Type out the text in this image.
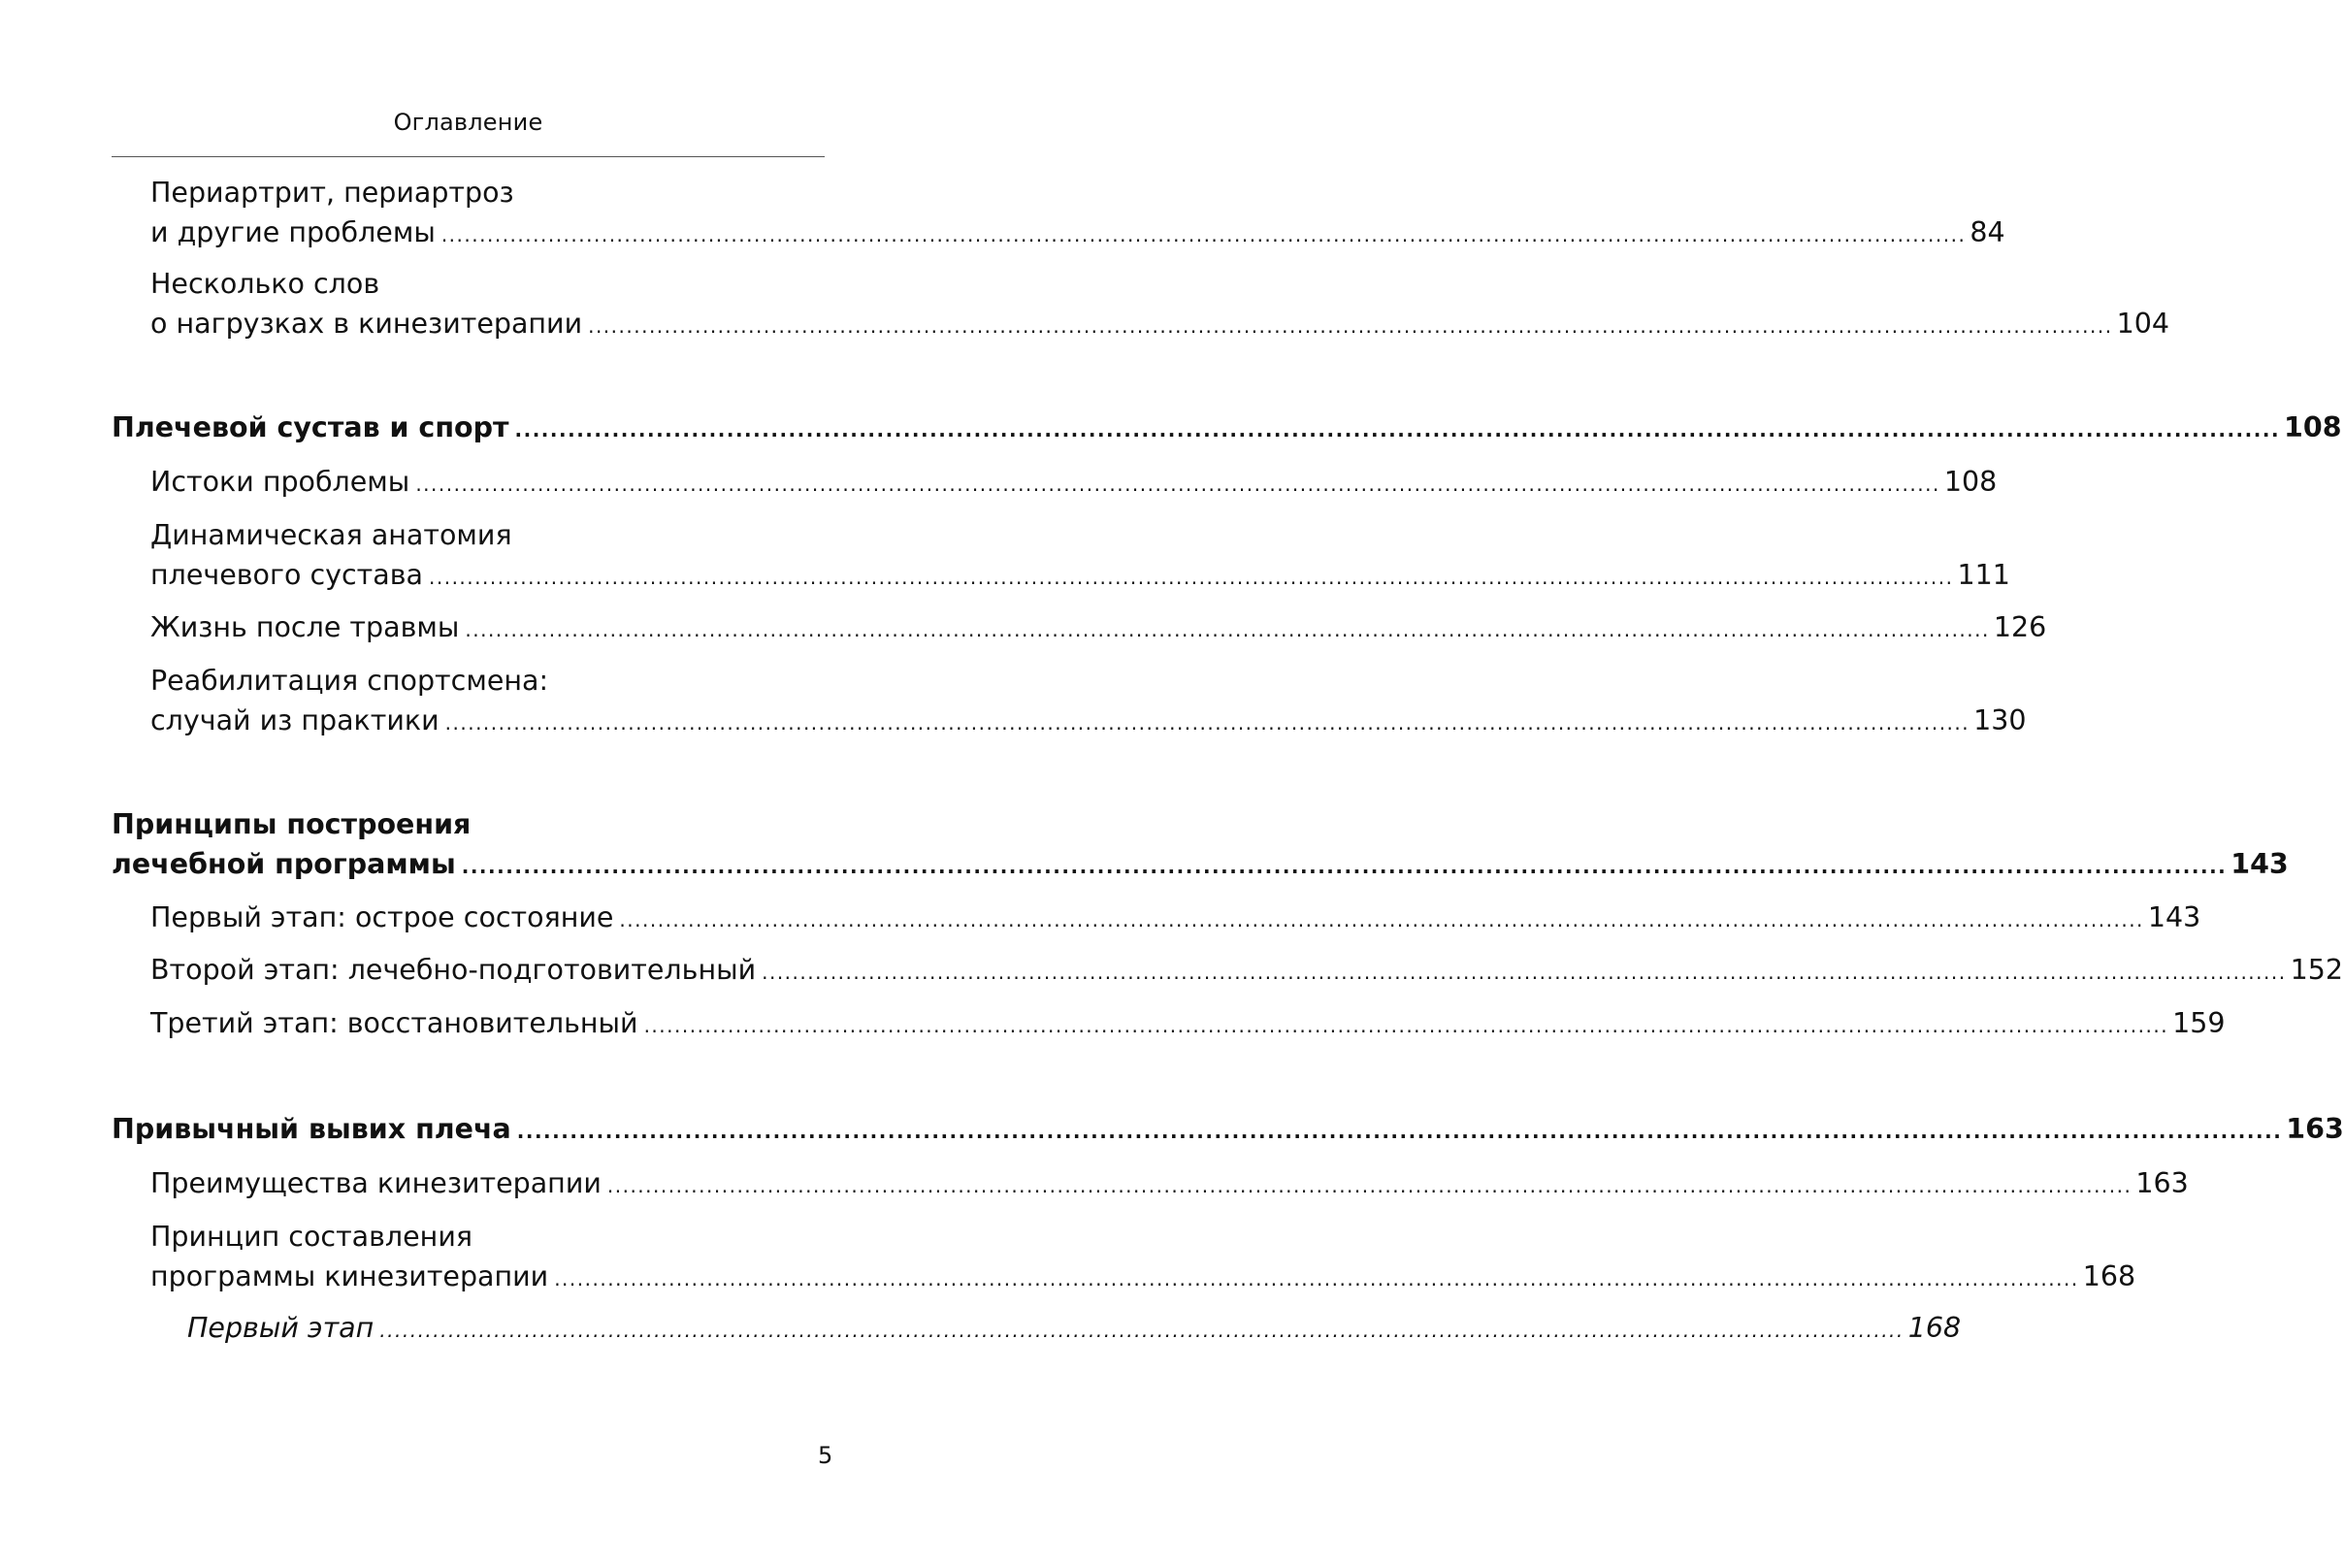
Оглавление
Периартрит, периартроз
и другие проблемы ........................................................................................................................................................................................................ 84
Несколько слов
о нагрузках в кинезитерапии ........................................................................................................................................................................................................ 104
Плечевой сустав и спорт ........................................................................................................................................................................................................ 108
Истоки проблемы ........................................................................................................................................................................................................ 108
Динамическая анатомия
плечевого сустава ........................................................................................................................................................................................................ 111
Жизнь после травмы ........................................................................................................................................................................................................ 126
Реабилитация спортсмена:
случай из практики ........................................................................................................................................................................................................ 130
Принципы построения
лечебной программы ........................................................................................................................................................................................................ 143
Первый этап: острое состояние ........................................................................................................................................................................................................ 143
Второй этап: лечебно-подготовительный ........................................................................................................................................................................................................ 152
Третий этап: восстановительный ........................................................................................................................................................................................................ 159
Привычный вывих плеча ........................................................................................................................................................................................................ 163
Преимущества кинезитерапии ........................................................................................................................................................................................................ 163
Принцип составления
программы кинезитерапии ........................................................................................................................................................................................................ 168
Первый этап ........................................................................................................................................................................................................ 168
5
